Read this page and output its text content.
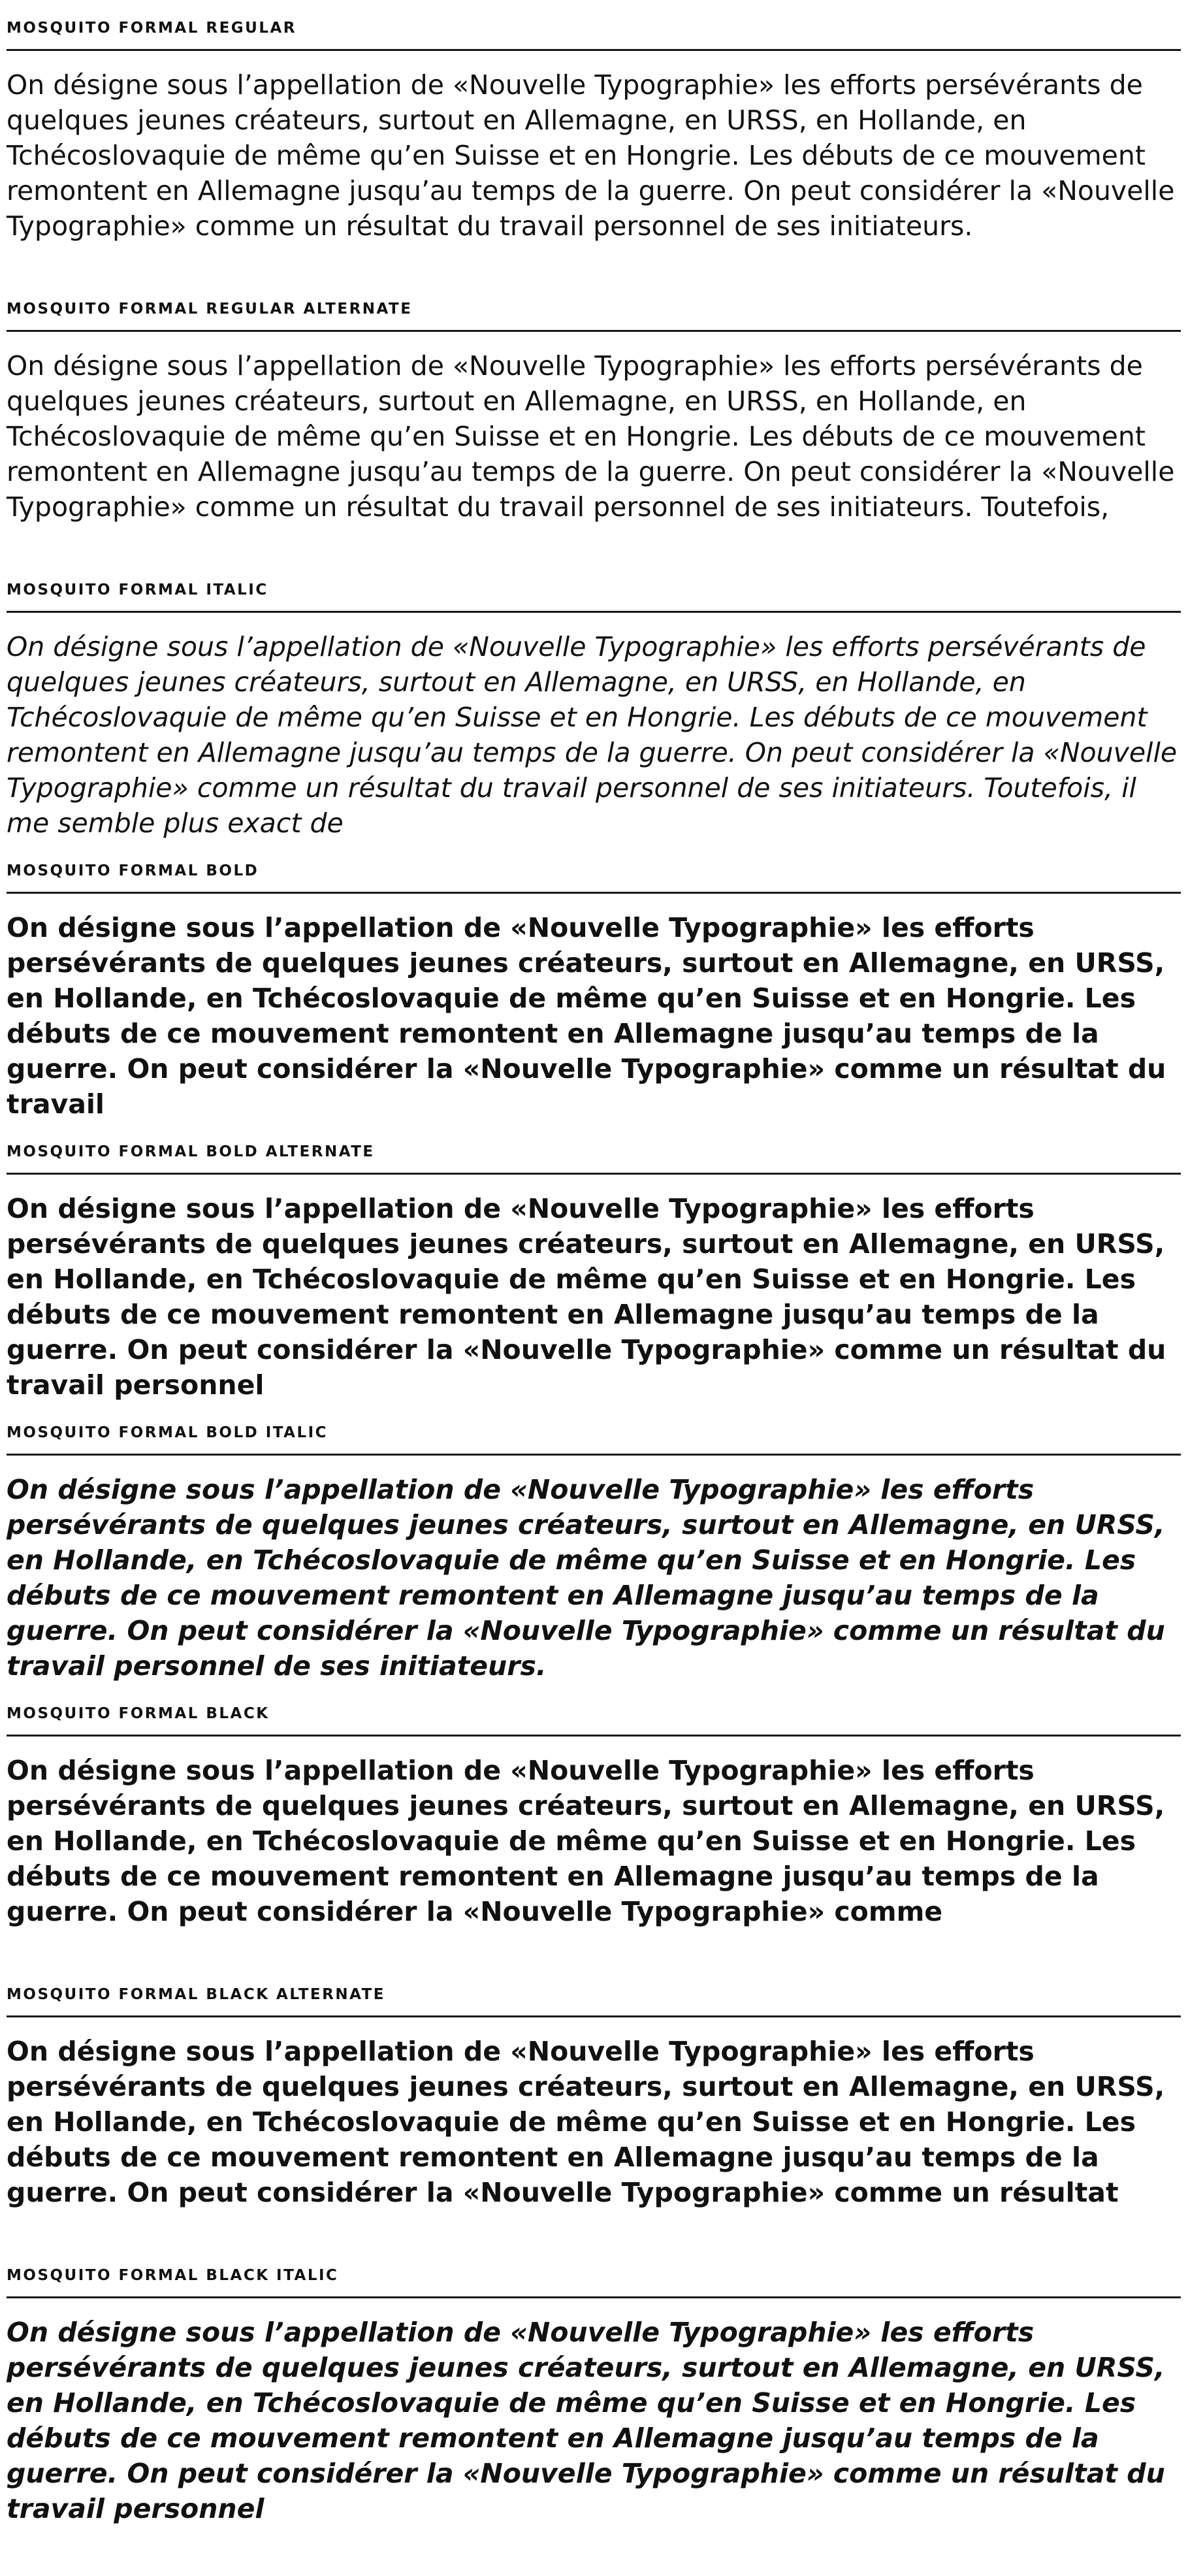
MOSQUITO FORMAL REGULAR
On désigne sous l’appellation de «Nouvelle Typographie» les efforts persévérants de quelques jeunes créateurs, surtout en Allemagne, en URSS, en Hollande, en Tchécoslovaquie de même qu’en Suisse et en Hongrie. Les débuts de ce mouvement remontent en Allemagne jusqu’au temps de la guerre. On peut considérer la «Nouvelle Typographie» comme un résultat du travail personnel de ses initiateurs.
MOSQUITO FORMAL REGULAR ALTERNATE
On désigne sous l’appellation de «Nouvelle Typographie» les efforts persévérants de quelques jeunes créateurs, surtout en Allemagne, en URSS, en Hollande, en Tchécoslovaquie de même qu’en Suisse et en Hongrie. Les débuts de ce mouvement remontent en Allemagne jusqu’au temps de la guerre. On peut considérer la «Nouvelle Typographie» comme un résultat du travail personnel de ses initiateurs. Toutefois,
MOSQUITO FORMAL ITALIC
On désigne sous l’appellation de «Nouvelle Typographie» les efforts persévérants de quelques jeunes créateurs, surtout en Allemagne, en URSS, en Hollande, en Tchécoslovaquie de même qu’en Suisse et en Hongrie. Les débuts de ce mouvement remontent en Allemagne jusqu’au temps de la guerre. On peut considérer la «Nouvelle Typographie» comme un résultat du travail personnel de ses initiateurs. Toutefois, il me semble plus exact de
MOSQUITO FORMAL BOLD
On désigne sous l’appellation de «Nouvelle Typographie» les efforts persévérants de quelques jeunes créateurs, surtout en Allemagne, en URSS, en Hollande, en Tchécoslovaquie de même qu’en Suisse et en Hongrie. Les débuts de ce mouvement remontent en Allemagne jusqu’au temps de la guerre. On peut considérer la «Nouvelle Typographie» comme un résultat du travail
MOSQUITO FORMAL BOLD ALTERNATE
On désigne sous l’appellation de «Nouvelle Typographie» les efforts persévérants de quelques jeunes créateurs, surtout en Allemagne, en URSS, en Hollande, en Tchécoslovaquie de même qu’en Suisse et en Hongrie. Les débuts de ce mouvement remontent en Allemagne jusqu’au temps de la guerre. On peut considérer la «Nouvelle Typographie» comme un résultat du travail personnel
MOSQUITO FORMAL BOLD ITALIC
On désigne sous l’appellation de «Nouvelle Typographie» les efforts persévérants de quelques jeunes créateurs, surtout en Allemagne, en URSS, en Hollande, en Tchécoslovaquie de même qu’en Suisse et en Hongrie. Les débuts de ce mouvement remontent en Allemagne jusqu’au temps de la guerre. On peut considérer la «Nouvelle Typographie» comme un résultat du travail personnel de ses initiateurs.
MOSQUITO FORMAL BLACK
On désigne sous l’appellation de «Nouvelle Typographie» les efforts persévérants de quelques jeunes créateurs, surtout en Allemagne, en URSS, en Hollande, en Tchécoslovaquie de même qu’en Suisse et en Hongrie. Les débuts de ce mouvement remontent en Allemagne jusqu’au temps de la guerre. On peut considérer la «Nouvelle Typographie» comme
MOSQUITO FORMAL BLACK ALTERNATE
On désigne sous l’appellation de «Nouvelle Typographie» les efforts persévérants de quelques jeunes créateurs, surtout en Allemagne, en URSS, en Hollande, en Tchécoslovaquie de même qu’en Suisse et en Hongrie. Les débuts de ce mouvement remontent en Allemagne jusqu’au temps de la guerre. On peut considérer la «Nouvelle Typographie» comme un résultat
MOSQUITO FORMAL BLACK ITALIC
On désigne sous l’appellation de «Nouvelle Typographie» les efforts persévérants de quelques jeunes créateurs, surtout en Allemagne, en URSS, en Hollande, en Tchécoslovaquie de même qu’en Suisse et en Hongrie. Les débuts de ce mouvement remontent en Allemagne jusqu’au temps de la guerre. On peut considérer la «Nouvelle Typographie» comme un résultat du travail personnel
